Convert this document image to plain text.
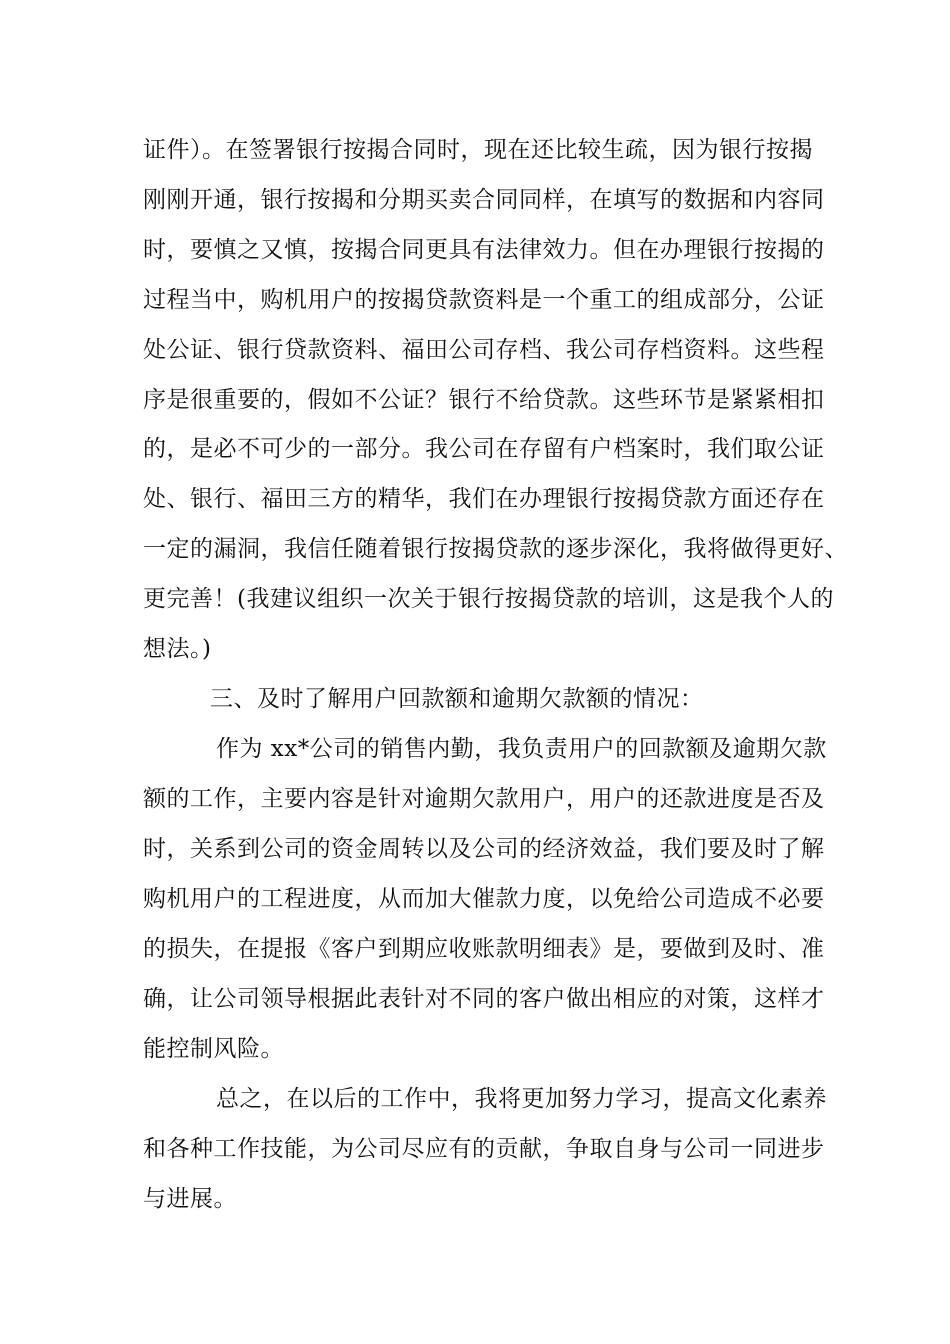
证件）。在签署银行按揭合同时，现在还比较生疏，因为银行按揭
刚刚开通，银行按揭和分期买卖合同同样，在填写的数据和内容同
时，要慎之又慎，按揭合同更具有法律效力。但在办理银行按揭的
过程当中，购机用户的按揭贷款资料是一个重工的组成部分，公证
处公证、银行贷款资料、福田公司存档、我公司存档资料。这些程
序是很重要的，假如不公证？银行不给贷款。这些环节是紧紧相扣
的，是必不可少的一部分。我公司在存留有户档案时，我们取公证
处、银行、福田三方的精华，我们在办理银行按揭贷款方面还存在
一定的漏洞，我信任随着银行按揭贷款的逐步深化，我将做得更好、
更完善！(我建议组织一次关于银行按揭贷款的培训，这是我个人的
想法。)
三、及时了解用户回款额和逾期欠款额的情况：
作为 xx*公司的销售内勤，我负责用户的回款额及逾期欠款
额的工作，主要内容是针对逾期欠款用户，用户的还款进度是否及
时，关系到公司的资金周转以及公司的经济效益，我们要及时了解
购机用户的工程进度，从而加大催款力度，以免给公司造成不必要
的损失，在提报《客户到期应收账款明细表》是，要做到及时、准
确，让公司领导根据此表针对不同的客户做出相应的对策，这样才
能控制风险。
总之，在以后的工作中，我将更加努力学习，提高文化素养
和各种工作技能，为公司尽应有的贡献，争取自身与公司一同进步
与进展。
